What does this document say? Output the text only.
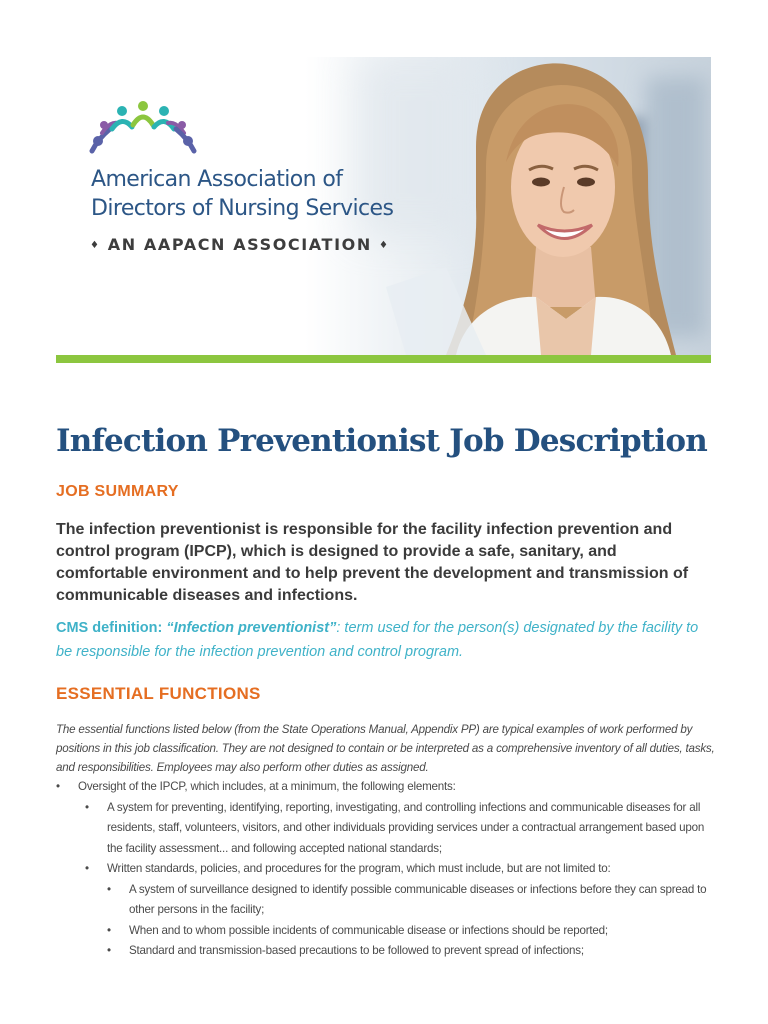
American Association of
Directors of Nursing Services
♦ AN AAPACN ASSOCIATION ♦
Infection Preventionist Job Description
JOB SUMMARY

The infection preventionist is responsible for the facility infection prevention and control program (IPCP), which is designed to provide a safe, sanitary, and comfortable environment and to help prevent the development and transmission of communicable diseases and infections.

CMS definition: “Infection preventionist”: term used for the person(s) designated by the facility to be responsible for the infection prevention and control program.

ESSENTIAL FUNCTIONS

The essential functions listed below (from the State Operations Manual, Appendix PP) are typical examples of work performed by positions in this job classification. They are not designed to contain or be interpreted as a comprehensive inventory of all duties, tasks, and responsibilities. Employees may also perform other duties as assigned.

• Oversight of the IPCP, which includes, at a minimum, the following elements:
• A system for preventing, identifying, reporting, investigating, and controlling infections and communicable diseases for all residents, staff, volunteers, visitors, and other individuals providing services under a contractual arrangement based upon the facility assessment... and following accepted national standards;
• Written standards, policies, and procedures for the program, which must include, but are not limited to:
• A system of surveillance designed to identify possible communicable diseases or infections before they can spread to other persons in the facility;
• When and to whom possible incidents of communicable disease or infections should be reported;
• Standard and transmission-based precautions to be followed to prevent spread of infections;
